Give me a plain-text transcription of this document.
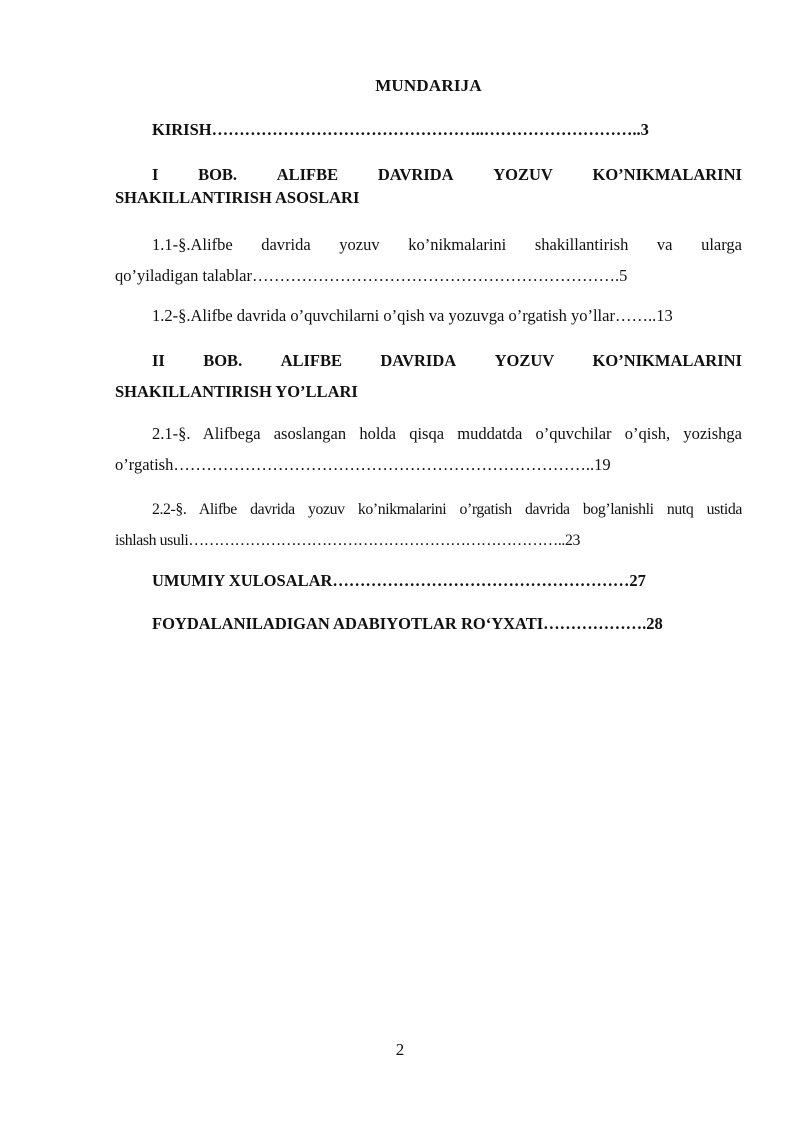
MUNDARIJA
KIRISH…………………………………………..………………………..3
I	BOB.	ALIFBE	DAVRIDA	YOZUV	KO’NIKMALARINI
SHAKILLANTIRISH ASOSLARI
1.1-§.Alifbe davrida yozuv ko’nikmalarini shakillantirish va ularga
qo’yiladigan talablar………………………………………………………….5
1.2-§.Alifbe davrida o’quvchilarni o’qish va yozuvga o’rgatish yo’llar……..13
II	BOB.	ALIFBE	DAVRIDA	YOZUV	KO’NIKMALARINI
SHAKILLANTIRISH YO’LLARI
2.1-§. Alifbega asoslangan holda qisqa muddatda o’quvchilar o’qish, yozishga
o’rgatish…………………………………………………………………..19
2.2-§. Alifbe davrida yozuv ko’nikmalarini o’rgatish davrida bog’lanishli nutq ustida
ishlash usuli………………………………………………………………..23
UMUMIY XULOSALAR………………………………………………27
FOYDALANILADIGAN ADABIYOTLAR RO‘YXATI……………….28
2
